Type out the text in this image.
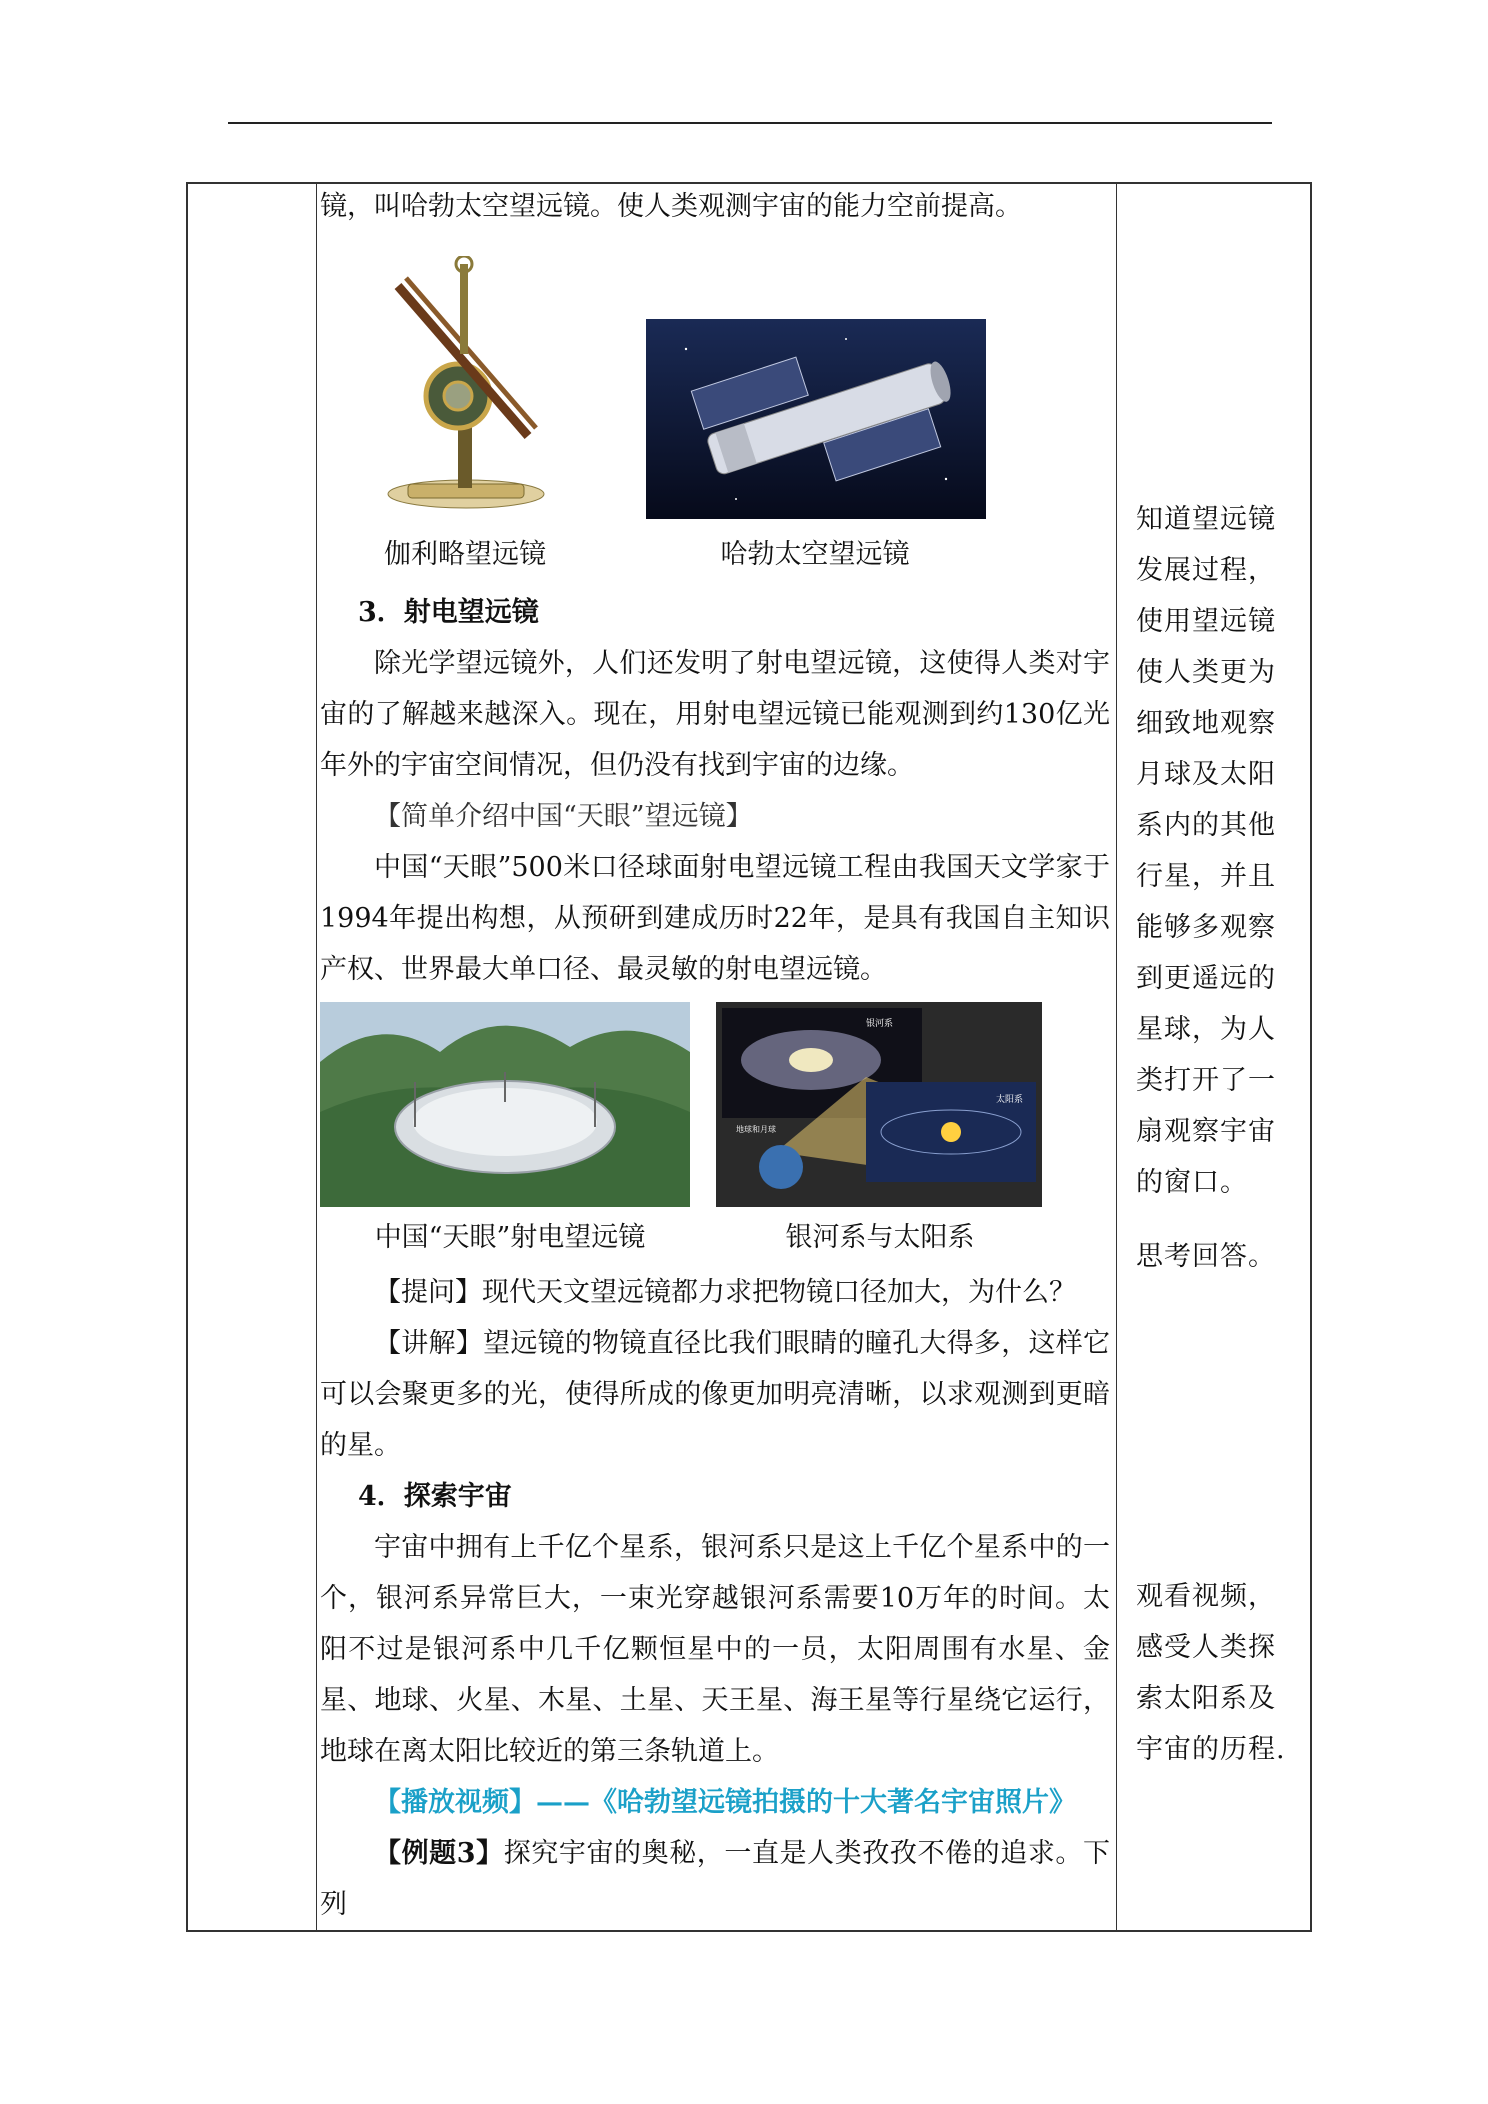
镜，叫哈勃太空望远镜。使人类观测宇宙的能力空前提高。

伽利略望远镜	哈勃太空望远镜
3．射电望远镜

除光学望远镜外，人们还发明了射电望远镜，这使得人类对宇宙的了解越来越深入。现在，用射电望远镜已能观测到约130亿光年外的宇宙空间情况，但仍没有找到宇宙的边缘。

【简单介绍中国“天眼”望远镜】

中国“天眼”500米口径球面射电望远镜工程由我国天文学家于1994年提出构想，从预研到建成历时22年，是具有我国自主知识产权、世界最大单口径、最灵敏的射电望远镜。

银河系
太阳系
地球和月球
中国“天眼”射电望远镜	银河系与太阳系

【提问】现代天文望远镜都力求把物镜口径加大，为什么？

【讲解】望远镜的物镜直径比我们眼睛的瞳孔大得多，这样它可以会聚更多的光，使得所成的像更加明亮清晰，以求观测到更暗的星。

4．探索宇宙

宇宙中拥有上千亿个星系，银河系只是这上千亿个星系中的一个，银河系异常巨大，一束光穿越银河系需要10万年的时间。太阳不过是银河系中几千亿颗恒星中的一员，太阳周围有水星、金星、地球、火星、木星、土星、天王星、海王星等行星绕它运行，地球在离太阳比较近的第三条轨道上。

【播放视频】——《哈勃望远镜拍摄的十大著名宇宙照片》

【例题3】探究宇宙的奥秘，一直是人类孜孜不倦的追求。下列

知道望远镜发展过程，使用望远镜使人类更为细致地观察月球及太阳系内的其他行星，并且能够多观察到更遥远的星球，为人类打开了一扇观察宇宙的窗口。
思考回答。
观看视频，感受人类探索太阳系及宇宙的历程.
